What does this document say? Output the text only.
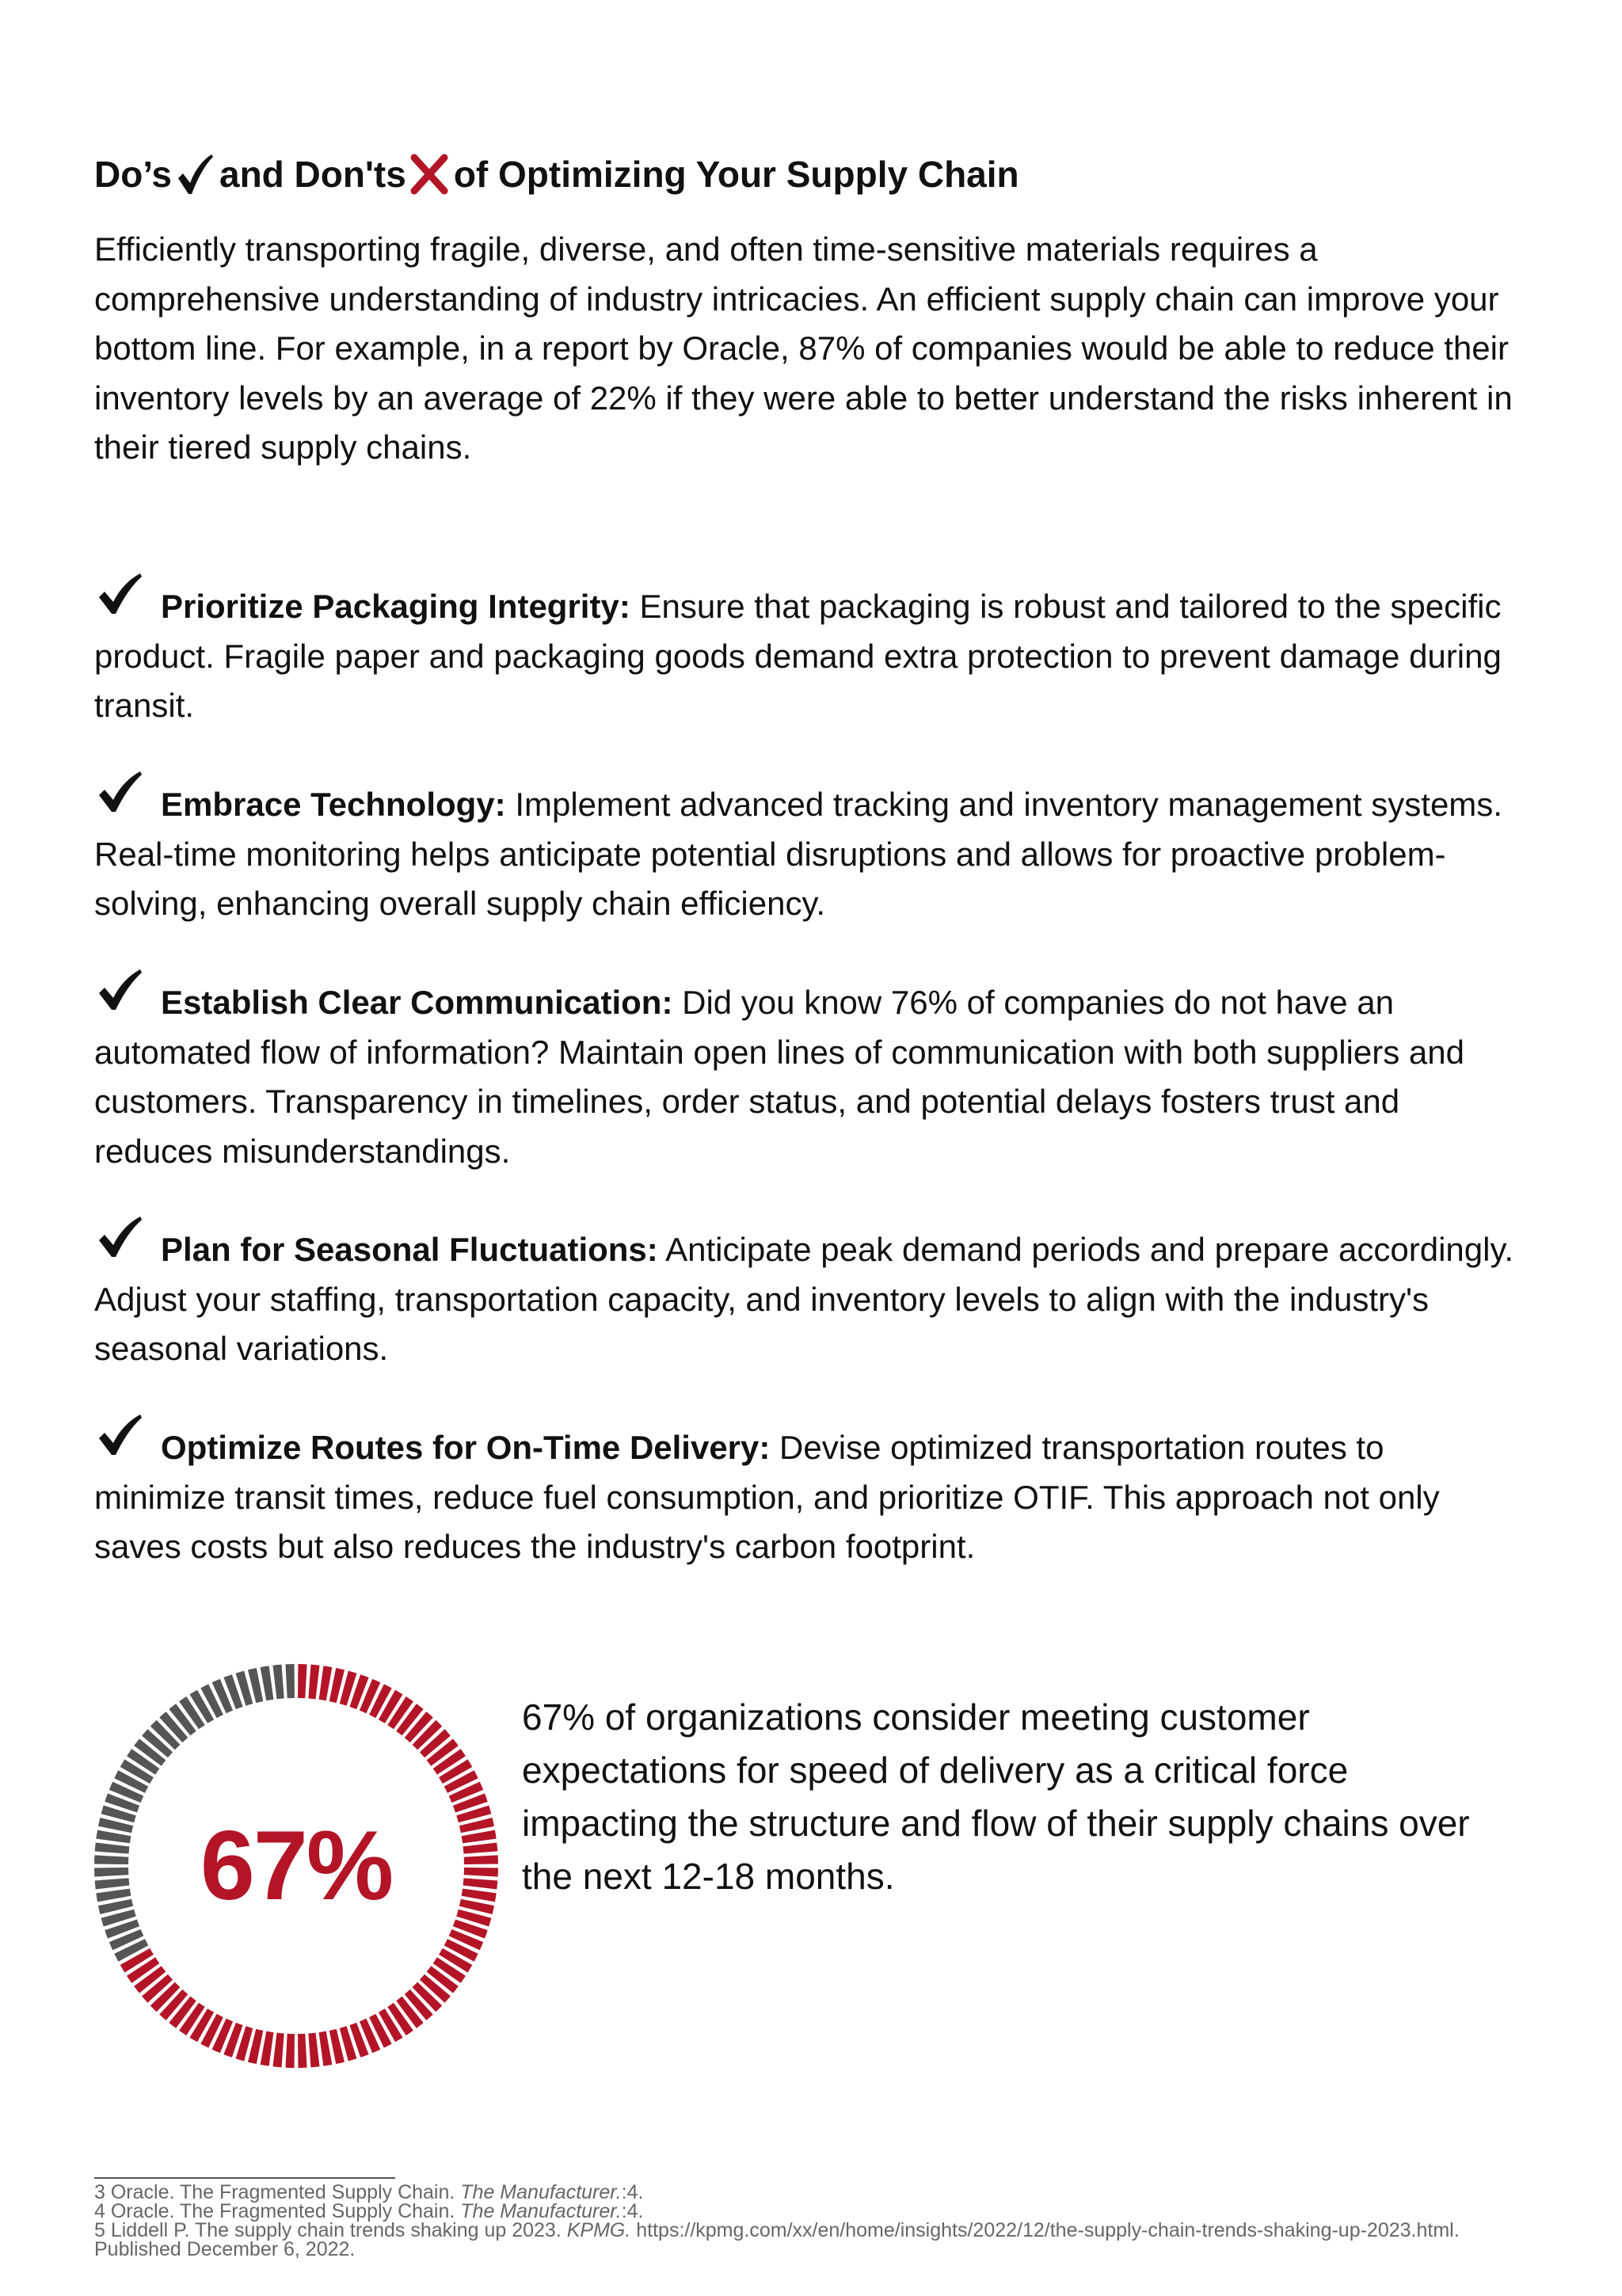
Do’s and Don'ts of Optimizing Your Supply Chain

Efficiently transporting fragile, diverse, and often time-sensitive materials requires a comprehensive understanding of industry intricacies. An efficient supply chain can improve your bottom line. For example, in a report by Oracle, 87% of companies would be able to reduce their inventory levels by an average of 22% if they were able to better understand the risks inherent in their tiered supply chains.

Prioritize Packaging Integrity: Ensure that packaging is robust and tailored to the specific product. Fragile paper and packaging goods demand extra protection to prevent damage during transit.

Embrace Technology: Implement advanced tracking and inventory management systems. Real-time monitoring helps anticipate potential disruptions and allows for proactive problem-solving, enhancing overall supply chain efficiency.

Establish Clear Communication: Did you know 76% of companies do not have an automated flow of information? Maintain open lines of communication with both suppliers and customers. Transparency in timelines, order status, and potential delays fosters trust and reduces misunderstandings.

Plan for Seasonal Fluctuations: Anticipate peak demand periods and prepare accordingly. Adjust your staffing, transportation capacity, and inventory levels to align with the industry's seasonal variations.

Optimize Routes for On-Time Delivery: Devise optimized transportation routes to minimize transit times, reduce fuel consumption, and prioritize OTIF. This approach not only saves costs but also reduces the industry's carbon footprint.

67%

67% of organizations consider meeting customer expectations for speed of delivery as a critical force impacting the structure and flow of their supply chains over the next 12-18 months.

3 Oracle. The Fragmented Supply Chain. The Manufacturer.:4.

4 Oracle. The Fragmented Supply Chain. The Manufacturer.:4.

5 Liddell P. The supply chain trends shaking up 2023. KPMG. https://kpmg.com/xx/en/home/insights/2022/12/the-supply-chain-trends-shaking-up-2023.html. Published December 6, 2022.
